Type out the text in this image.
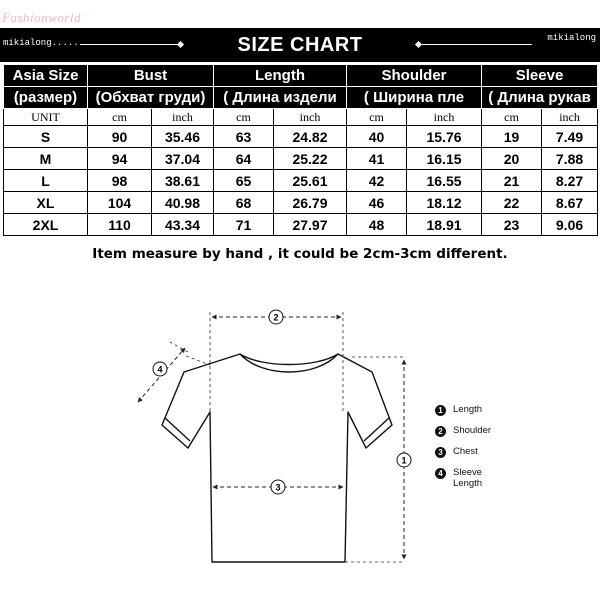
Fashionworld
mikialong.....	SIZE CHART	mikialong
Asia Size	Bust		Length		Shoulder		Sleeve	
(размер)	(Обхват груди)		( Длина издели		( Ширина пле		( Длина рукав	
UNIT	cm	inch	cm	inch	cm	inch	cm	inch
S	90	35.46	63	24.82	40	15.76	19	7.49
M	94	37.04	64	25.22	41	16.15	20	7.88
L	98	38.61	65	25.61	42	16.55	21	8.27
XL	104	40.98	68	26.79	46	18.12	22	8.67
2XL	110	43.34	71	27.97	48	18.91	23	9.06
Item measure by hand , it could be 2cm-3cm different.
2
3
1
4
1	Length
2	Shoulder
3	Chest
4	Sleeve Length
